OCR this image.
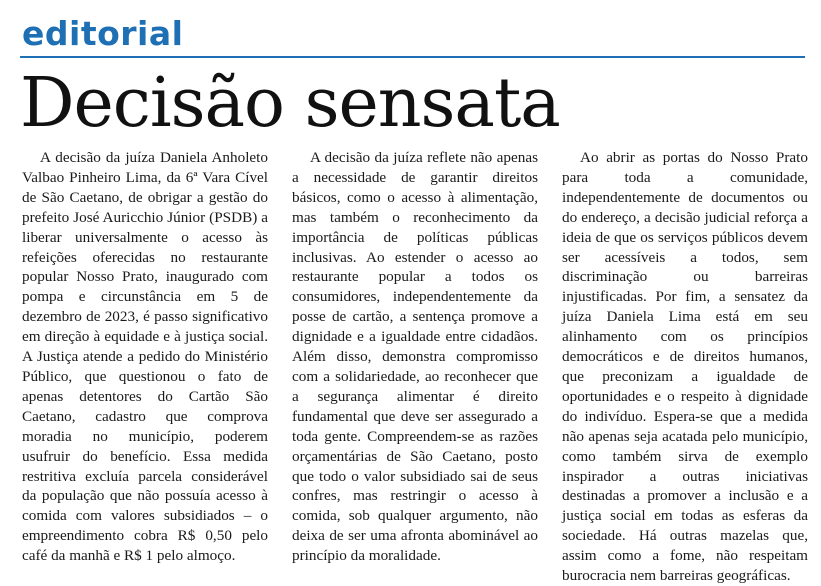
editorial
Decisão sensata

A decisão da juíza Daniela Anholeto Valbao Pinheiro Lima, da 6ª Vara Cível de São Caetano, de obrigar a gestão do prefeito José Auricchio Júnior (PSDB) a liberar universalmente o acesso às refeições oferecidas no restaurante popular Nosso Prato, inaugurado com pompa e circunstância em 5 de dezembro de 2023, é passo significativo em direção à equidade e à justiça social. A Justiça atende a pedido do Ministério Público, que questionou o fato de apenas detentores do Cartão São Caetano, cadastro que comprova moradia no município, poderem usufruir do benefício. Essa medida restritiva excluía parcela considerável da população que não possuía acesso à comida com valores subsidiados – o empreendimento cobra R$ 0,50 pelo café da manhã e R$ 1 pelo almoço.

A decisão da juíza reflete não apenas a necessidade de garantir direitos básicos, como o acesso à alimentação, mas também o reconhecimento da importância de políticas públicas inclusivas. Ao estender o acesso ao restaurante popular a todos os consumidores, independentemente da posse de cartão, a sentença promove a dignidade e a igualdade entre cidadãos. Além disso, demonstra compromisso com a solidariedade, ao reconhecer que a segurança alimentar é direito fundamental que deve ser assegurado a toda gente. Compreendem-se as razões orçamentárias de São Caetano, posto que todo o valor subsidiado sai de seus confres, mas restringir o acesso à comida, sob qualquer argumento, não deixa de ser uma afronta abominável ao princípio da moralidade.

Ao abrir as portas do Nosso Prato para toda a comunidade, independentemente de documentos ou do endereço, a decisão judicial reforça a ideia de que os serviços públicos devem ser acessíveis a todos, sem discriminação ou barreiras injustificadas. Por fim, a sensatez da juíza Daniela Lima está em seu alinhamento com os princípios democráticos e de direitos humanos, que preconizam a igualdade de oportunidades e o respeito à dignidade do indivíduo. Espera-se que a medida não apenas seja acatada pelo município, como também sirva de exemplo inspirador a outras iniciativas destinadas a promover a inclusão e a justiça social em todas as esferas da sociedade. Há outras mazelas que, assim como a fome, não respeitam burocracia nem barreiras geográficas.
